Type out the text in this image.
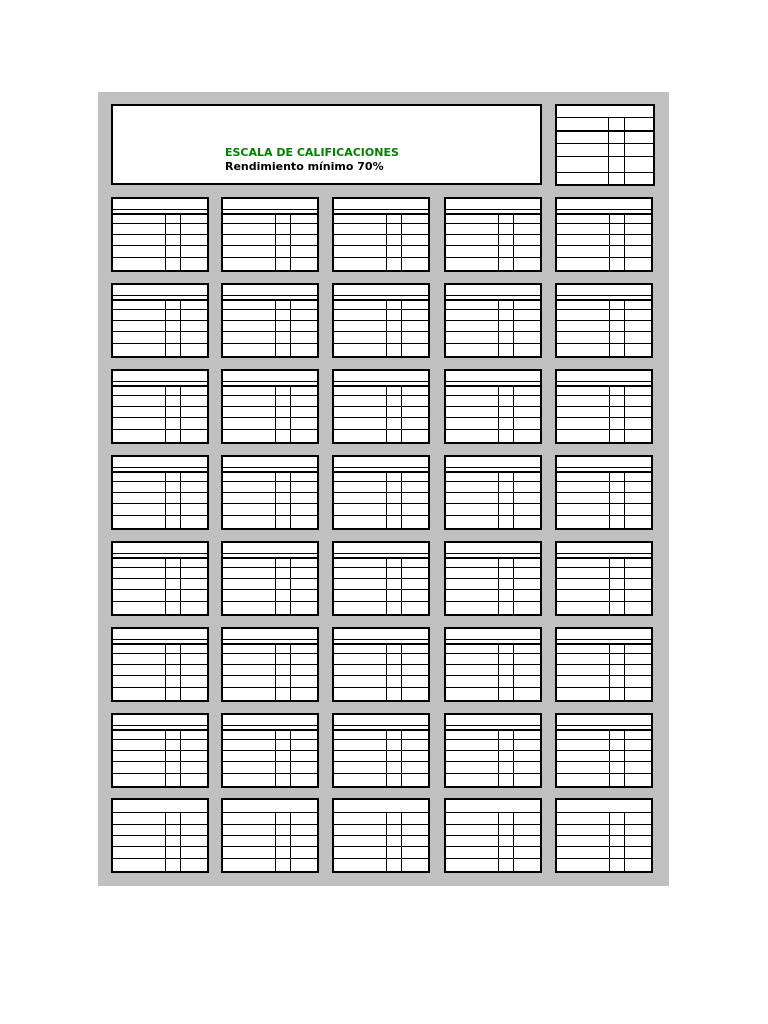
ESCALA DE CALIFICACIONES
Rendimiento mínimo 70%
